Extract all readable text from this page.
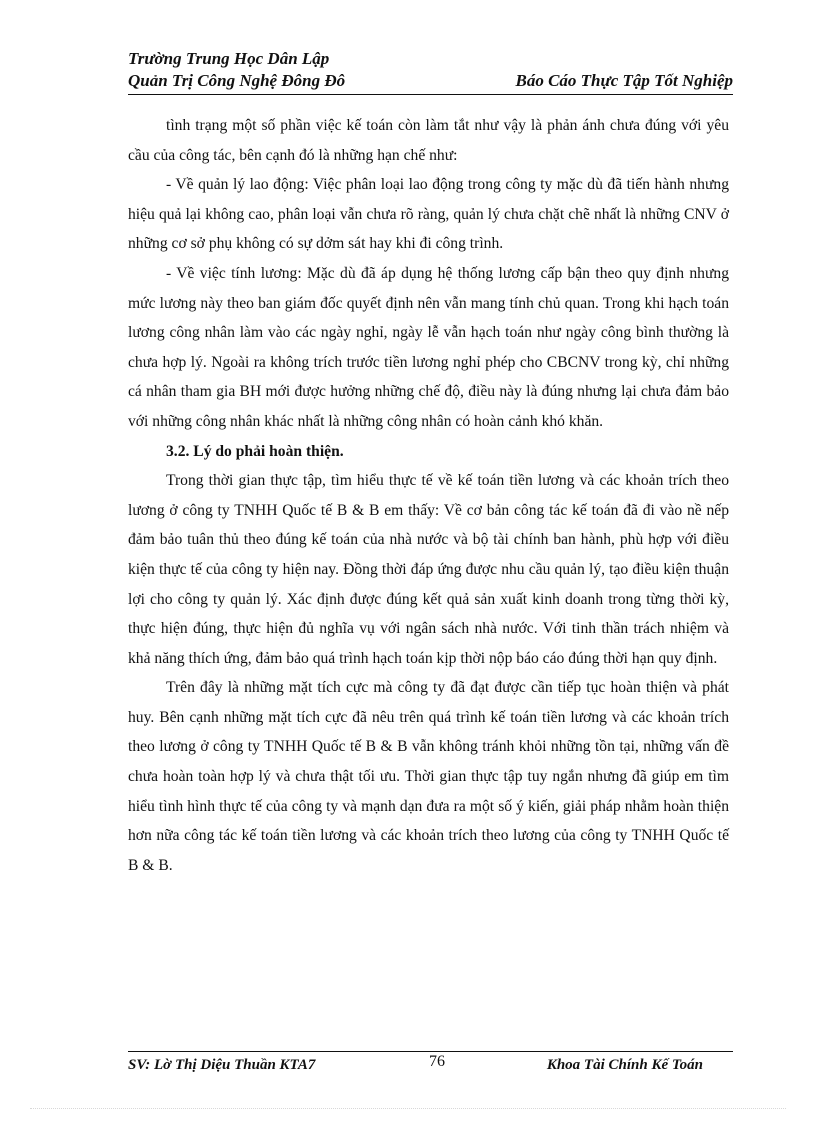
Trường Trung Học Dân Lập

Quản Trị Công Nghệ Đông Đô	Báo Cáo Thực Tập Tốt Nghiệp

tình trạng một số phần việc kế toán còn làm tắt như vậy là phản ánh chưa đúng với yêu cầu của công tác, bên cạnh đó là những hạn chế như:

- Về quản lý lao động: Việc phân loại lao động trong công ty mặc dù đã tiến hành nhưng hiệu quả lại không cao, phân loại vẫn chưa rõ ràng, quản lý chưa chặt chẽ nhất là những CNV ở những cơ sở phụ không có sự dởm sát hay khi đi công trình.

- Về việc tính lương: Mặc dù đã áp dụng hệ thống lương cấp bận theo quy định nhưng mức lương này theo ban giám đốc quyết định nên vẫn mang tính chủ quan. Trong khi hạch toán lương công nhân làm vào các ngày nghỉ, ngày lễ vẫn hạch toán như ngày công bình thường là chưa hợp lý. Ngoài ra không trích trước tiền lương nghỉ phép cho CBCNV trong kỳ, chỉ những cá nhân tham gia BH mới được hưởng những chế độ, điều này là đúng nhưng lại chưa đảm bảo với những công nhân khác nhất là những công nhân có hoàn cảnh khó khăn.

3.2. Lý do phải hoàn thiện.

Trong thời gian thực tập, tìm hiểu thực tế về kế toán tiền lương và các khoản trích theo lương ở công ty TNHH Quốc tế B & B em thấy: Về cơ bản công tác kế toán đã đi vào nề nếp đảm bảo tuân thủ theo đúng kế toán của nhà nước và bộ tài chính ban hành, phù hợp với điều kiện thực tế của công ty hiện nay. Đồng thời đáp ứng được nhu cầu quản lý, tạo điều kiện thuận lợi cho công ty quản lý. Xác định được đúng kết quả sản xuất kinh doanh trong từng thời kỳ, thực hiện đúng, thực hiện đủ nghĩa vụ với ngân sách nhà nước. Với tinh thần trách nhiệm và khả năng thích ứng, đảm bảo quá trình hạch toán kịp thời nộp báo cáo đúng thời hạn quy định.

Trên đây là những mặt tích cực mà công ty đã đạt được cần tiếp tục hoàn thiện và phát huy. Bên cạnh những mặt tích cực đã nêu trên quá trình kế toán tiền lương và các khoản trích theo lương ở công ty TNHH Quốc tế B & B vẫn không tránh khỏi những tồn tại, những vấn đề chưa hoàn toàn hợp lý và chưa thật tối ưu. Thời gian thực tập tuy ngắn nhưng đã giúp em tìm hiểu tình hình thực tế của công ty và mạnh dạn đưa ra một số ý kiến, giải pháp nhằm hoàn thiện hơn nữa công tác kế toán tiền lương và các khoản trích theo lương của công ty TNHH Quốc tế B & B.

SV: Lờ Thị Diệu Thuần KTA7	76	Khoa Tài Chính Kế Toán
